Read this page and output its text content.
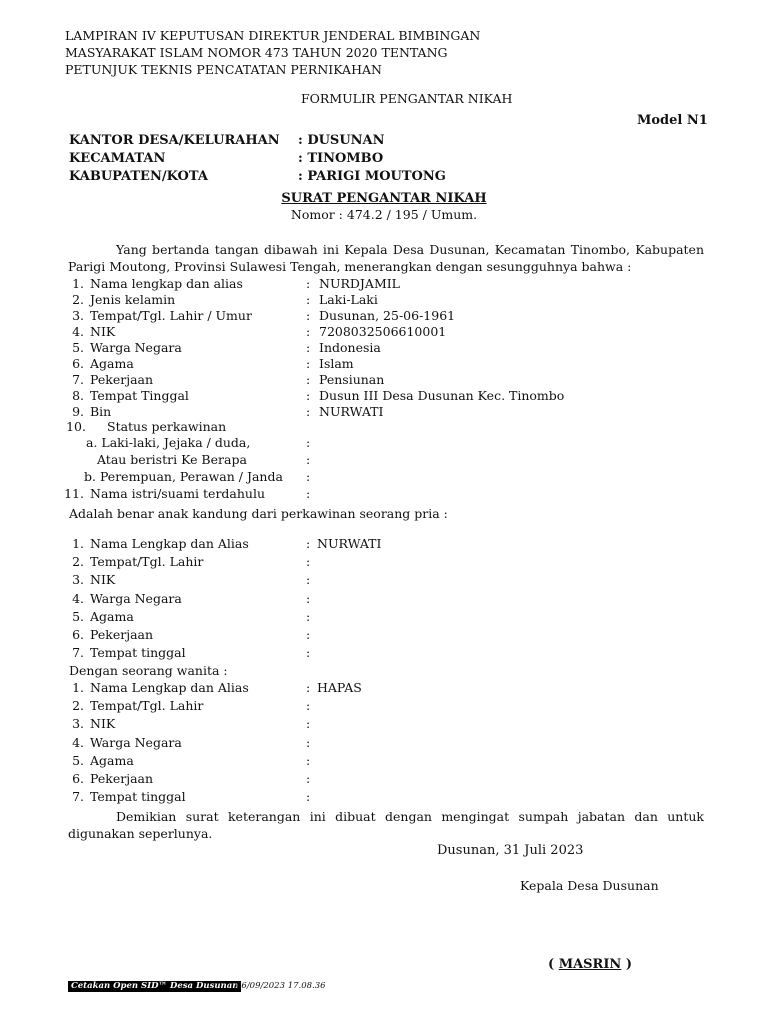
LAMPIRAN IV KEPUTUSAN DIREKTUR JENDERAL BIMBINGAN
MASYARAKAT ISLAM NOMOR 473 TAHUN 2020 TENTANG
PETUNJUK TEKNIS PENCATATAN PERNIKAHAN
FORMULIR PENGANTAR NIKAH
Model N1
KANTOR DESA/KELURAHAN : DUSUNAN
KECAMATAN	: TINOMBO
KABUPATEN/KOTA	: PARIGI MOUTONG
SURAT PENGANTAR NIKAH
Nomor : 474.2 / 195 / Umum.
Yang bertanda tangan dibawah ini Kepala Desa Dusunan, Kecamatan Tinombo, Kabupaten Parigi Moutong, Provinsi Sulawesi Tengah, menerangkan dengan sesungguhnya bahwa :
1. Nama lengkap dan alias	: NURDJAMIL
2. Jenis kelamin	: Laki-Laki
3. Tempat/Tgl. Lahir / Umur	: Dusunan, 25-06-1961
4. NIK	: 7208032506610001
5. Warga Negara	: Indonesia
6. Agama	: Islam
7. Pekerjaan	: Pensiunan
8. Tempat Tinggal	: Dusun III Desa Dusunan Kec. Tinombo
9. Bin	: NURWATI
10. Status perkawinan
a. Laki-laki, Jejaka / duda,	:
Atau beristri Ke Berapa	:
b. Perempuan, Perawan / Janda :
11. Nama istri/suami terdahulu	:
Adalah benar anak kandung dari perkawinan seorang pria :
1. Nama Lengkap dan Alias	: NURWATI
2. Tempat/Tgl. Lahir	:
3. NIK	:
4. Warga Negara	:
5. Agama	:
6. Pekerjaan	:
7. Tempat tinggal	:
Dengan seorang wanita :
1. Nama Lengkap dan Alias	: HAPAS
2. Tempat/Tgl. Lahir	:
3. NIK	:
4. Warga Negara	:
5. Agama	:
6. Pekerjaan	:
7. Tempat tinggal	:
Demikian surat keterangan ini dibuat dengan mengingat sumpah jabatan dan untuk digunakan seperlunya.
Dusunan, 31 Juli 2023
Kepala Desa Dusunan
( MASRIN )
Cetakan Open SID™ Desa Dusunan
06/09/2023 17.08.36
